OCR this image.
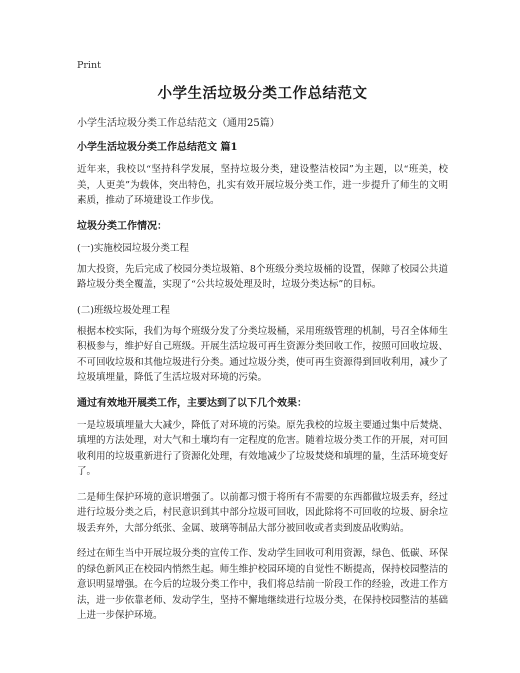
Print
小学生活垃圾分类工作总结范文
小学生活垃圾分类工作总结范文（通用25篇）
小学生活垃圾分类工作总结范文 篇1

近年来，我校以“坚持科学发展，坚持垃圾分类，建设整洁校园”为主题，以“班美，校美，人更美”为载体，突出特色，扎实有效开展垃圾分类工作，进一步提升了师生的文明素质，推动了环境建设工作步伐。

垃圾分类工作情况：
(一)实施校园垃圾分类工程

加大投资，先后完成了校园分类垃圾箱、8个班级分类垃圾桶的设置，保障了校园公共道路垃圾分类全覆盖，实现了“公共垃圾处理及时，垃圾分类达标”的目标。

(二)班级垃圾处理工程

根据本校实际，我们为每个班级分发了分类垃圾桶，采用班级管理的机制，号召全体师生积极参与，维护好自己班级。开展生活垃圾可再生资源分类回收工作，按照可回收垃圾、不可回收垃圾和其他垃圾进行分类。通过垃圾分类，使可再生资源得到回收利用，减少了垃圾填埋量，降低了生活垃圾对环境的污染。

通过有效地开展类工作，主要达到了以下几个效果：

一是垃圾填埋量大大减少，降低了对环境的污染。原先我校的垃圾主要通过集中后焚烧、填埋的方法处理，对大气和土壤均有一定程度的危害。随着垃圾分类工作的开展，对可回收利用的垃圾重新进行了资源化处理，有效地减少了垃圾焚烧和填埋的量，生活环境变好了。

二是师生保护环境的意识增强了。以前都习惯于将所有不需要的东西都做垃圾丢弃，经过进行垃圾分类之后，村民意识到其中部分垃圾可回收，因此除将不可回收的垃圾、厨余垃圾丢弃外，大部分纸张、金属、玻璃等制品大部分被回收或者卖到废品收购站。

经过在师生当中开展垃圾分类的宣传工作、发动学生回收可利用资源，绿色、低碳、环保的绿色新风正在校园内悄然生起。师生维护校园环境的自觉性不断提高，保持校园整洁的意识明显增强。在今后的垃圾分类工作中，我们将总结前一阶段工作的经验，改进工作方法，进一步依靠老师、发动学生，坚持不懈地继续进行垃圾分类，在保持校园整洁的基础上进一步保护环境。
